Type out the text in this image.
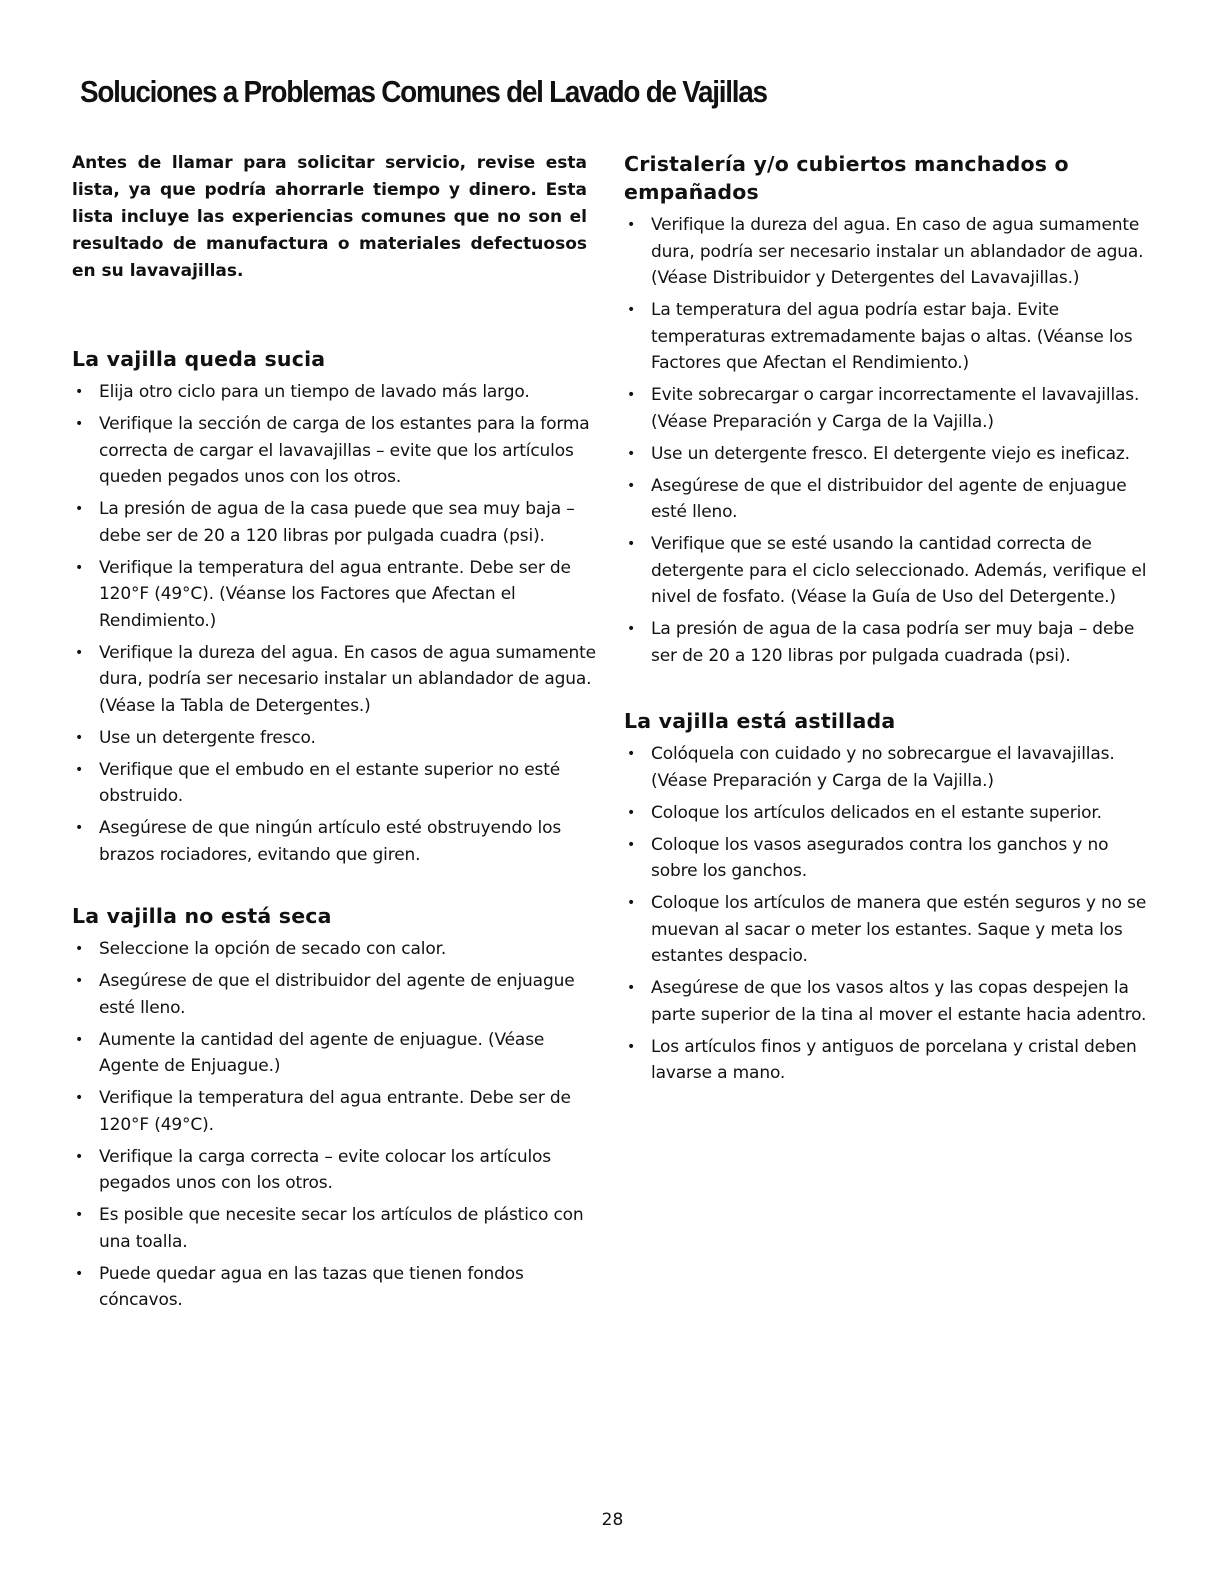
Soluciones a Problemas Comunes del Lavado de Vajillas

Antes de llamar para solicitar servicio, revise esta lista, ya que podría ahorrarle tiempo y dinero. Esta lista incluye las experiencias comunes que no son el resultado de manufactura o materiales defectuosos en su lavavajillas.

La vajilla queda sucia
• Elija otro ciclo para un tiempo de lavado más largo.
• Verifique la sección de carga de los estantes para la forma correcta de cargar el lavavajillas – evite que los artículos queden pegados unos con los otros.
• La presión de agua de la casa puede que sea muy baja – debe ser de 20 a 120 libras por pulgada cuadra (psi).
• Verifique la temperatura del agua entrante. Debe ser de 120°F (49°C). (Véanse los Factores que Afectan el Rendimiento.)
• Verifique la dureza del agua. En casos de agua sumamente dura, podría ser necesario instalar un ablandador de agua. (Véase la Tabla de Detergentes.)
• Use un detergente fresco.
• Verifique que el embudo en el estante superior no esté obstruido.
• Asegúrese de que ningún artículo esté obstruyendo los brazos rociadores, evitando que giren.
La vajilla no está seca
• Seleccione la opción de secado con calor.
• Asegúrese de que el distribuidor del agente de enjuague esté lleno.
• Aumente la cantidad del agente de enjuague. (Véase Agente de Enjuague.)
• Verifique la temperatura del agua entrante. Debe ser de 120°F (49°C).
• Verifique la carga correcta – evite colocar los artículos pegados unos con los otros.
• Es posible que necesite secar los artículos de plástico con una toalla.
• Puede quedar agua en las tazas que tienen fondos cóncavos.
Cristalería y/o cubiertos manchados o empañados
• Verifique la dureza del agua. En caso de agua sumamente dura, podría ser necesario instalar un ablandador de agua. (Véase Distribuidor y Detergentes del Lavavajillas.)
• La temperatura del agua podría estar baja. Evite temperaturas extremadamente bajas o altas. (Véanse los Factores que Afectan el Rendimiento.)
• Evite sobrecargar o cargar incorrectamente el lavavajillas. (Véase Preparación y Carga de la Vajilla.)
• Use un detergente fresco. El detergente viejo es ineficaz.
• Asegúrese de que el distribuidor del agente de enjuague esté lleno.
• Verifique que se esté usando la cantidad correcta de detergente para el ciclo seleccionado. Además, verifique el nivel de fosfato. (Véase la Guía de Uso del Detergente.)
• La presión de agua de la casa podría ser muy baja – debe ser de 20 a 120 libras por pulgada cuadrada (psi).
La vajilla está astillada
• Colóquela con cuidado y no sobrecargue el lavavajillas. (Véase Preparación y Carga de la Vajilla.)
• Coloque los artículos delicados en el estante superior.
• Coloque los vasos asegurados contra los ganchos y no sobre los ganchos.
• Coloque los artículos de manera que estén seguros y no se muevan al sacar o meter los estantes. Saque y meta los estantes despacio.
• Asegúrese de que los vasos altos y las copas despejen la parte superior de la tina al mover el estante hacia adentro.
• Los artículos finos y antiguos de porcelana y cristal deben lavarse a mano.
28
